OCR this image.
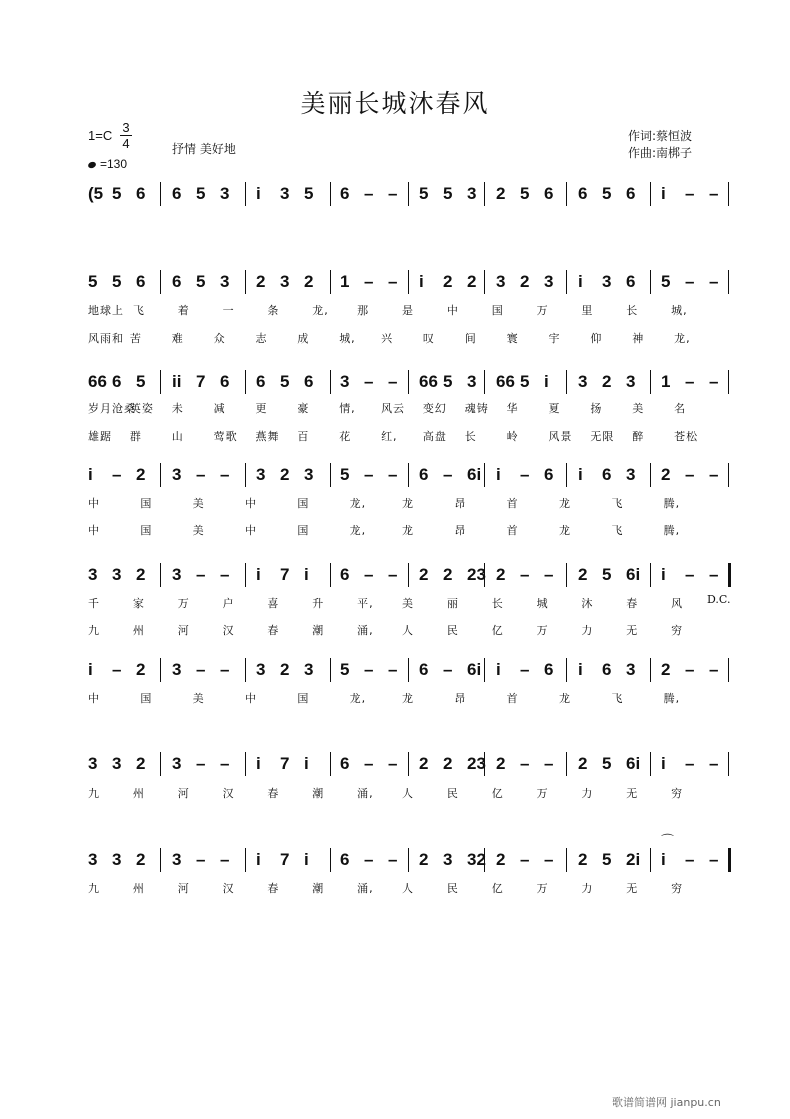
美丽长城沐春风
1=C
3
4	抒情 美好地
=130
作词:蔡恒波
作曲:南梆子
(5 5 6 6 5 3 i 3 5 6 – – 5 5 3 2 5 6 6 5 6 i – –
5 5 6 6 5 3 2 3 2 1 – – i 2 2 3 2 3 i 3 6 5 – –
66 6 5 ii 7 6 6 5 6 3 – – 66 5 3 66 5 i 3 2 3 1 – –
i – 2 3 – – 3 2 3 5 – – 6 – 6i i – 6 i 6 3 2 – –
3 3 2 3 – – i 7 i 6 – – 2 2 23 2 – – 2 5 6i i – –
i – 2 3 – – 3 2 3 5 – – 6 – 6i i – 6 i 6 3 2 – –
3 3 2 3 – – i 7 i 6 – – 2 2 23 2 – – 2 5 6i i – –
3 3 2 3 – – i 7 i 6 – – 2 3 32 2 – – 2 5 2i i – –
地球上 飞	着	一	条	龙,	那	是	中	国	万	里	长	城,
风雨和 苦	难	众	志	成	城, 兴	叹	间	寰	宇	仰	神	龙,
岁月沧桑
英姿 未	减	更	豪	情, 风云 变幻 魂铸 华	夏	扬	美	名
雄踞 群	山	莺歌 燕舞 百	花	红, 高盘 长	岭	风景 无限 醉	苍松
中	国	美	中	国	龙,	龙	昂	首	龙	飞	腾,
中	国	美	中	国	龙,	龙	昂	首	龙	飞	腾,
千	家	万	户	喜	升	平,	美	丽	长	城	沐	春	风
九	州	河	汉	春	潮	涌,	人	民	亿	万	力	无	穷
中	国	美	中	国	龙,	龙	昂	首	龙	飞	腾,
九	州	河	汉	春	潮	涌,	人	民	亿	万	力	无	穷
九	州	河	汉	春	潮	涌,	人	民	亿	万	力	无	穷
D.C.
⌒
歌谱简谱网 jianpu.cn
